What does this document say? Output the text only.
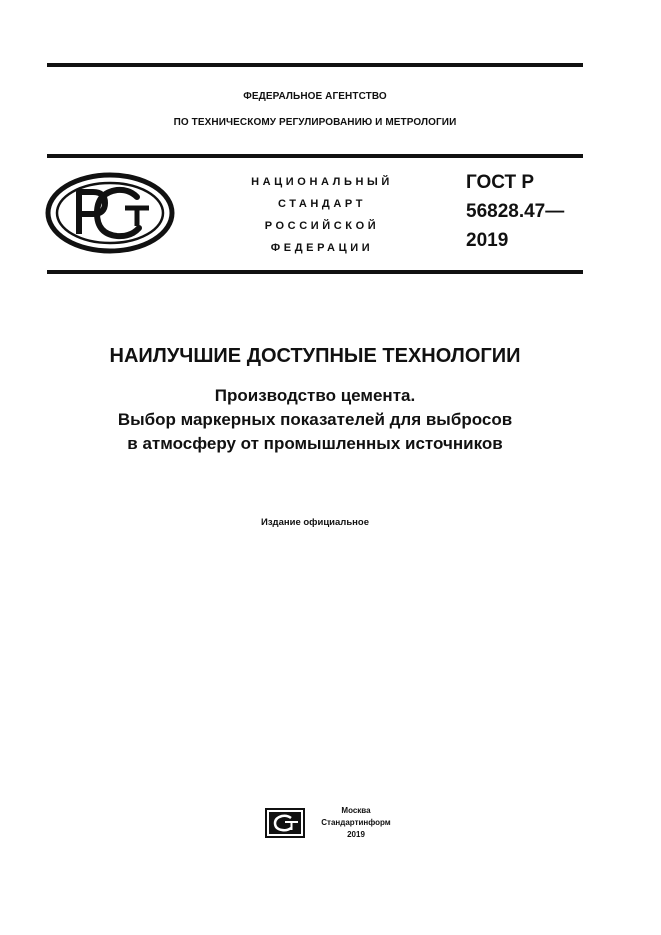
ФЕДЕРАЛЬНОЕ АГЕНТСТВО
ПО ТЕХНИЧЕСКОМУ РЕГУЛИРОВАНИЮ И МЕТРОЛОГИИ
НАЦИОНАЛЬНЫЙ
СТАНДАРТ
РОССИЙСКОЙ
ФЕДЕРАЦИИ
ГОСТ Р
56828.47—
2019
НАИЛУЧШИЕ ДОСТУПНЫЕ ТЕХНОЛОГИИ
Производство цемента.
Выбор маркерных показателей для выбросов
в атмосферу от промышленных источников
Издание официальное
Москва
Стандартинформ
2019
